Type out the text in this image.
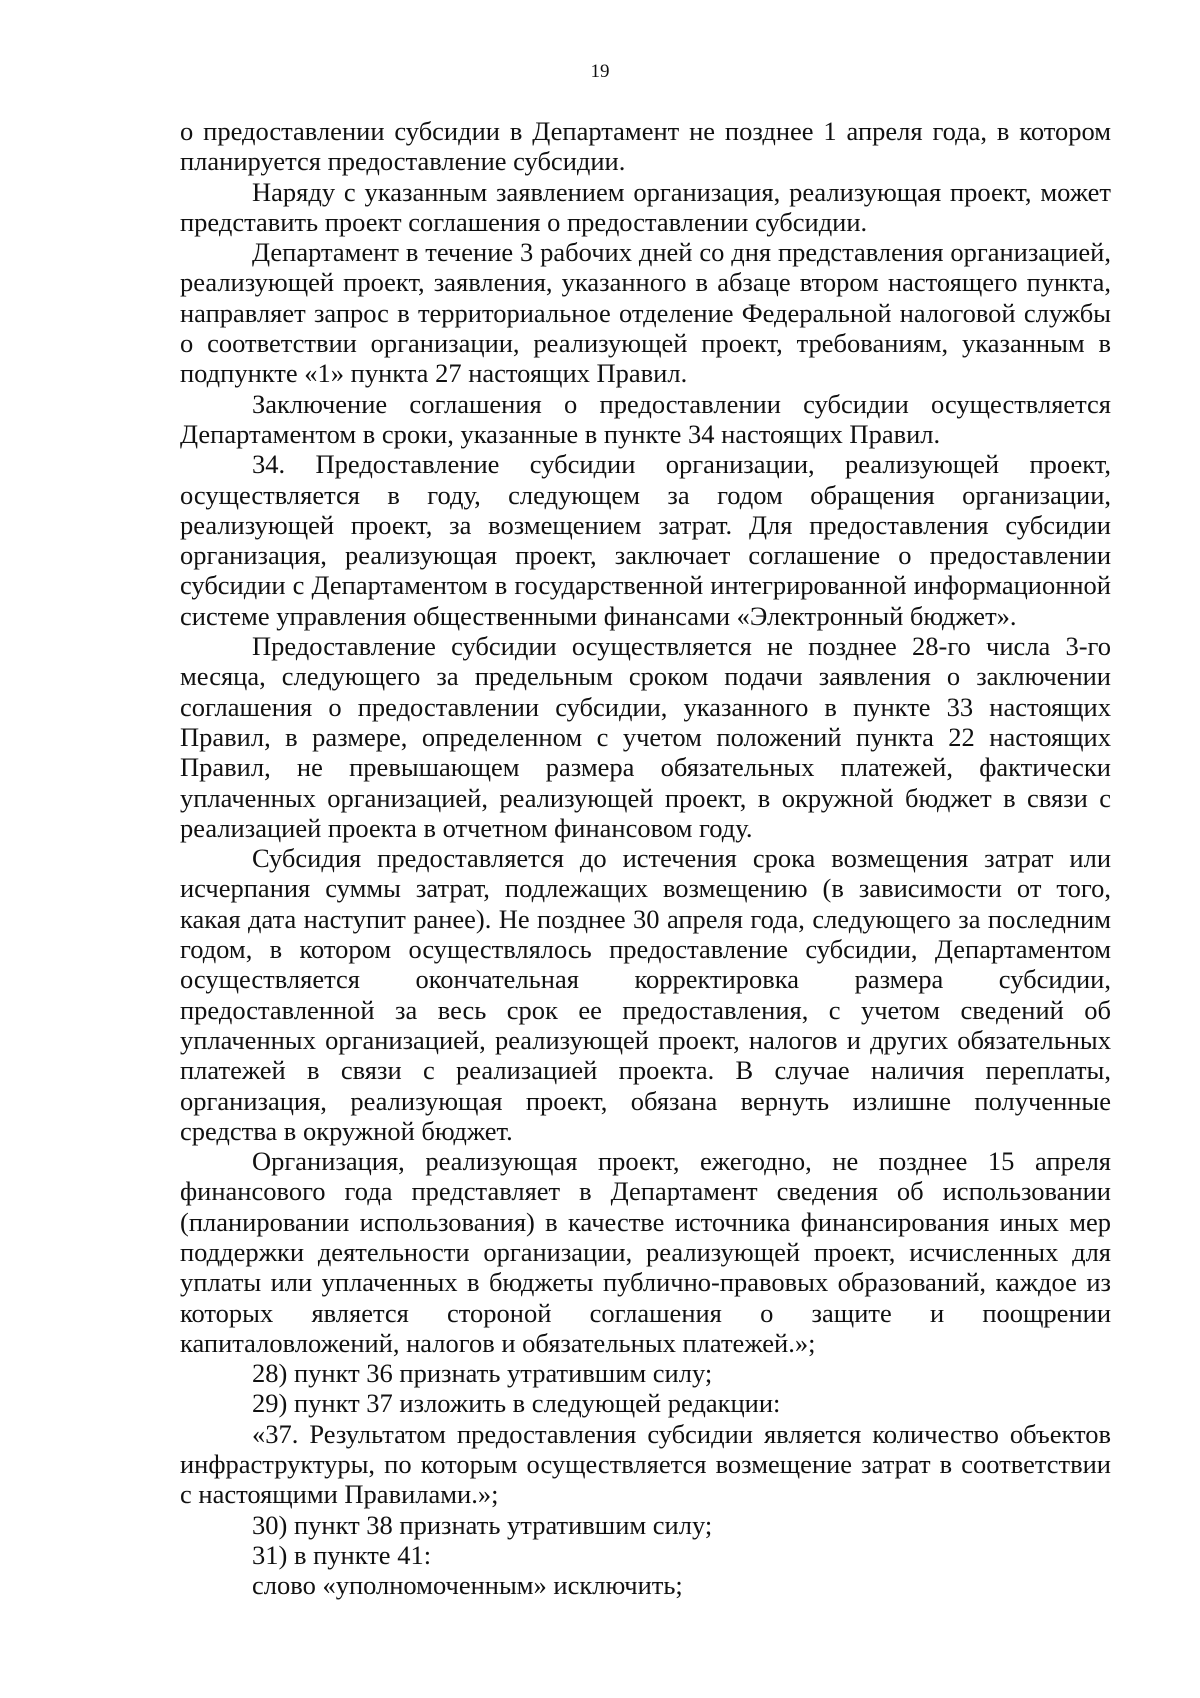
19

о предоставлении субсидии в Департамент не позднее 1 апреля года, в котором планируется предоставление субсидии.

Наряду с указанным заявлением организация, реализующая проект, может представить проект соглашения о предоставлении субсидии.

Департамент в течение 3 рабочих дней со дня представления организацией, реализующей проект, заявления, указанного в абзаце втором настоящего пункта, направляет запрос в территориальное отделение Федеральной налоговой службы о соответствии организации, реализующей проект, требованиям, указанным в подпункте «1» пункта 27 настоящих Правил.

Заключение соглашения о предоставлении субсидии осуществляется Департаментом в сроки, указанные в пункте 34 настоящих Правил.

34. Предоставление субсидии организации, реализующей проект, осуществляется в году, следующем за годом обращения организации, реализующей проект, за возмещением затрат. Для предоставления субсидии организация, реализующая проект, заключает соглашение о предоставлении субсидии с Департаментом в государственной интегрированной информационной системе управления общественными финансами «Электронный бюджет».

Предоставление субсидии осуществляется не позднее 28-го числа 3-го месяца, следующего за предельным сроком подачи заявления о заключении соглашения о предоставлении субсидии, указанного в пункте 33 настоящих Правил, в размере, определенном с учетом положений пункта 22 настоящих Правил, не превышающем размера обязательных платежей, фактически уплаченных организацией, реализующей проект, в окружной бюджет в связи с реализацией проекта в отчетном финансовом году.

Субсидия предоставляется до истечения срока возмещения затрат или исчерпания суммы затрат, подлежащих возмещению (в зависимости от того, какая дата наступит ранее). Не позднее 30 апреля года, следующего за последним годом, в котором осуществлялось предоставление субсидии, Департаментом осуществляется окончательная корректировка размера субсидии, предоставленной за весь срок ее предоставления, с учетом сведений об уплаченных организацией, реализующей проект, налогов и других обязательных платежей в связи с реализацией проекта. В случае наличия переплаты, организация, реализующая проект, обязана вернуть излишне полученные средства в окружной бюджет.

Организация, реализующая проект, ежегодно, не позднее 15 апреля финансового года представляет в Департамент сведения об использовании (планировании использования) в качестве источника финансирования иных мер поддержки деятельности организации, реализующей проект, исчисленных для уплаты или уплаченных в бюджеты публично-правовых образований, каждое из которых является стороной соглашения о защите и поощрении капиталовложений, налогов и обязательных платежей.»;

28) пункт 36 признать утратившим силу;

29) пункт 37 изложить в следующей редакции:

«37. Результатом предоставления субсидии является количество объектов инфраструктуры, по которым осуществляется возмещение затрат в соответствии с настоящими Правилами.»;

30) пункт 38 признать утратившим силу;

31) в пункте 41:

слово «уполномоченным» исключить;
